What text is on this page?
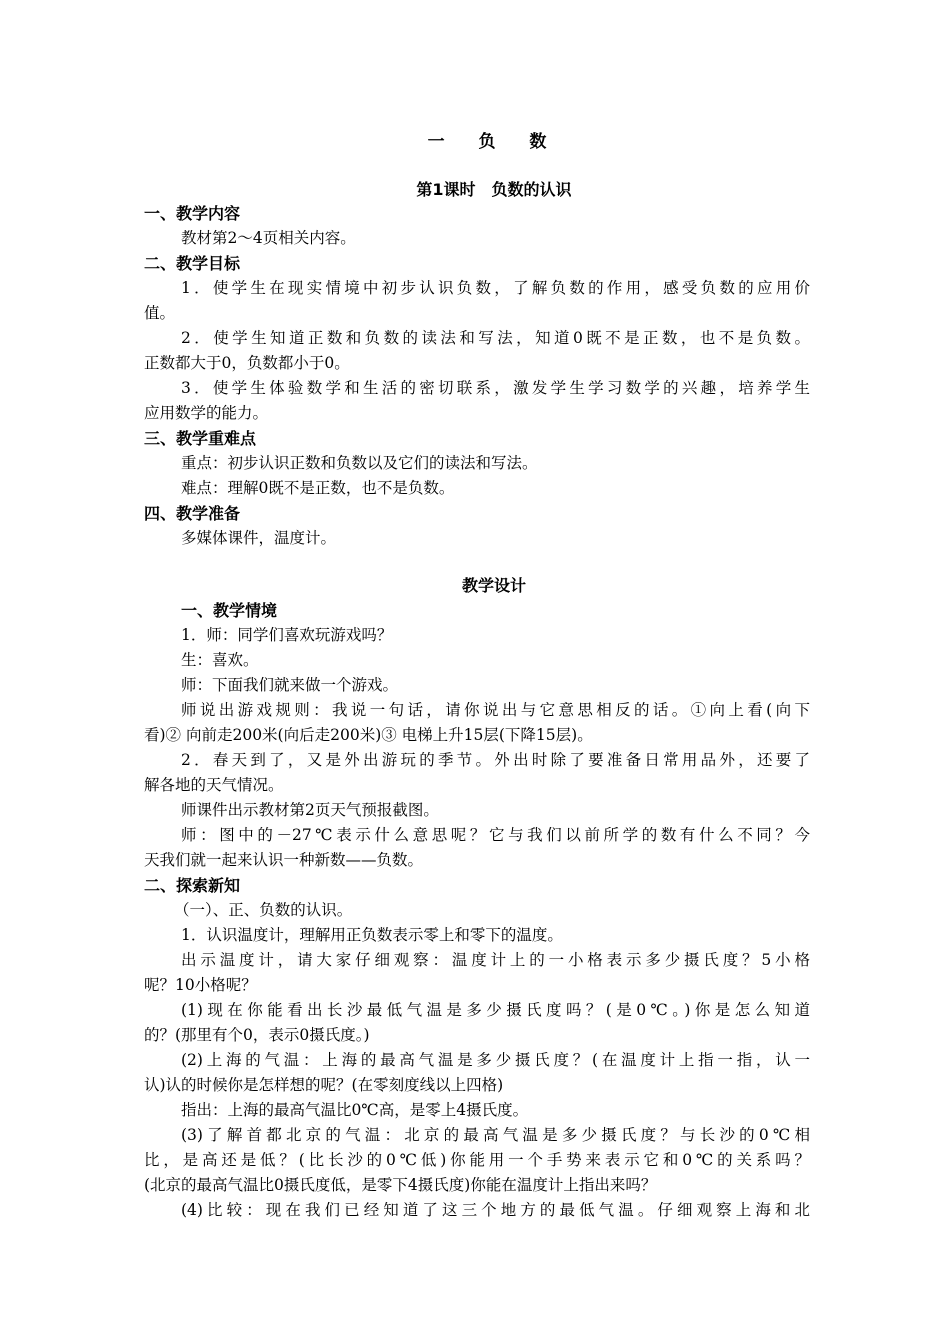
一 负 数
第1课时　负数的认识
一、教学内容
教材第2～4页相关内容。
二、教学目标
1．使学生在现实情境中初步认识负数，了解负数的作用，感受负数的应用价
值。
2．使学生知道正数和负数的读法和写法，知道0既不是正数，也不是负数。
正数都大于0，负数都小于0。
3．使学生体验数学和生活的密切联系，激发学生学习数学的兴趣，培养学生
应用数学的能力。
三、教学重难点
重点：初步认识正数和负数以及它们的读法和写法。
难点：理解0既不是正数，也不是负数。
四、教学准备
多媒体课件，温度计。
教学设计
一、教学情境
1．师：同学们喜欢玩游戏吗？
生：喜欢。
师：下面我们就来做一个游戏。
师说出游戏规则：我说一句话，请你说出与它意思相反的话。①向上看(向下
看)② 向前走200米(向后走200米)③ 电梯上升15层(下降15层)。
2．春天到了，又是外出游玩的季节。外出时除了要准备日常用品外，还要了
解各地的天气情况。
师课件出示教材第2页天气预报截图。
师：图中的－27℃表示什么意思呢？它与我们以前所学的数有什么不同？今
天我们就一起来认识一种新数——负数。
二、探索新知
（一）、正、负数的认识。
1．认识温度计，理解用正负数表示零上和零下的温度。
出示温度计，请大家仔细观察：温度计上的一小格表示多少摄氏度？5小格
呢？10小格呢？
(1)现在你能看出长沙最低气温是多少摄氏度吗？(是0℃。)你是怎么知道
的？(那里有个0，表示0摄氏度。)
(2)上海的气温：上海的最高气温是多少摄氏度？(在温度计上指一指，认一
认)认的时候你是怎样想的呢？(在零刻度线以上四格)
指出：上海的最高气温比0℃高，是零上4摄氏度。
(3)了解首都北京的气温：北京的最高气温是多少摄氏度？与长沙的0℃相
比，是高还是低？(比长沙的0℃低)你能用一个手势来表示它和0℃的关系吗？
(北京的最高气温比0摄氏度低，是零下4摄氏度)你能在温度计上指出来吗？
(4)比较：现在我们已经知道了这三个地方的最低气温。仔细观察上海和北
